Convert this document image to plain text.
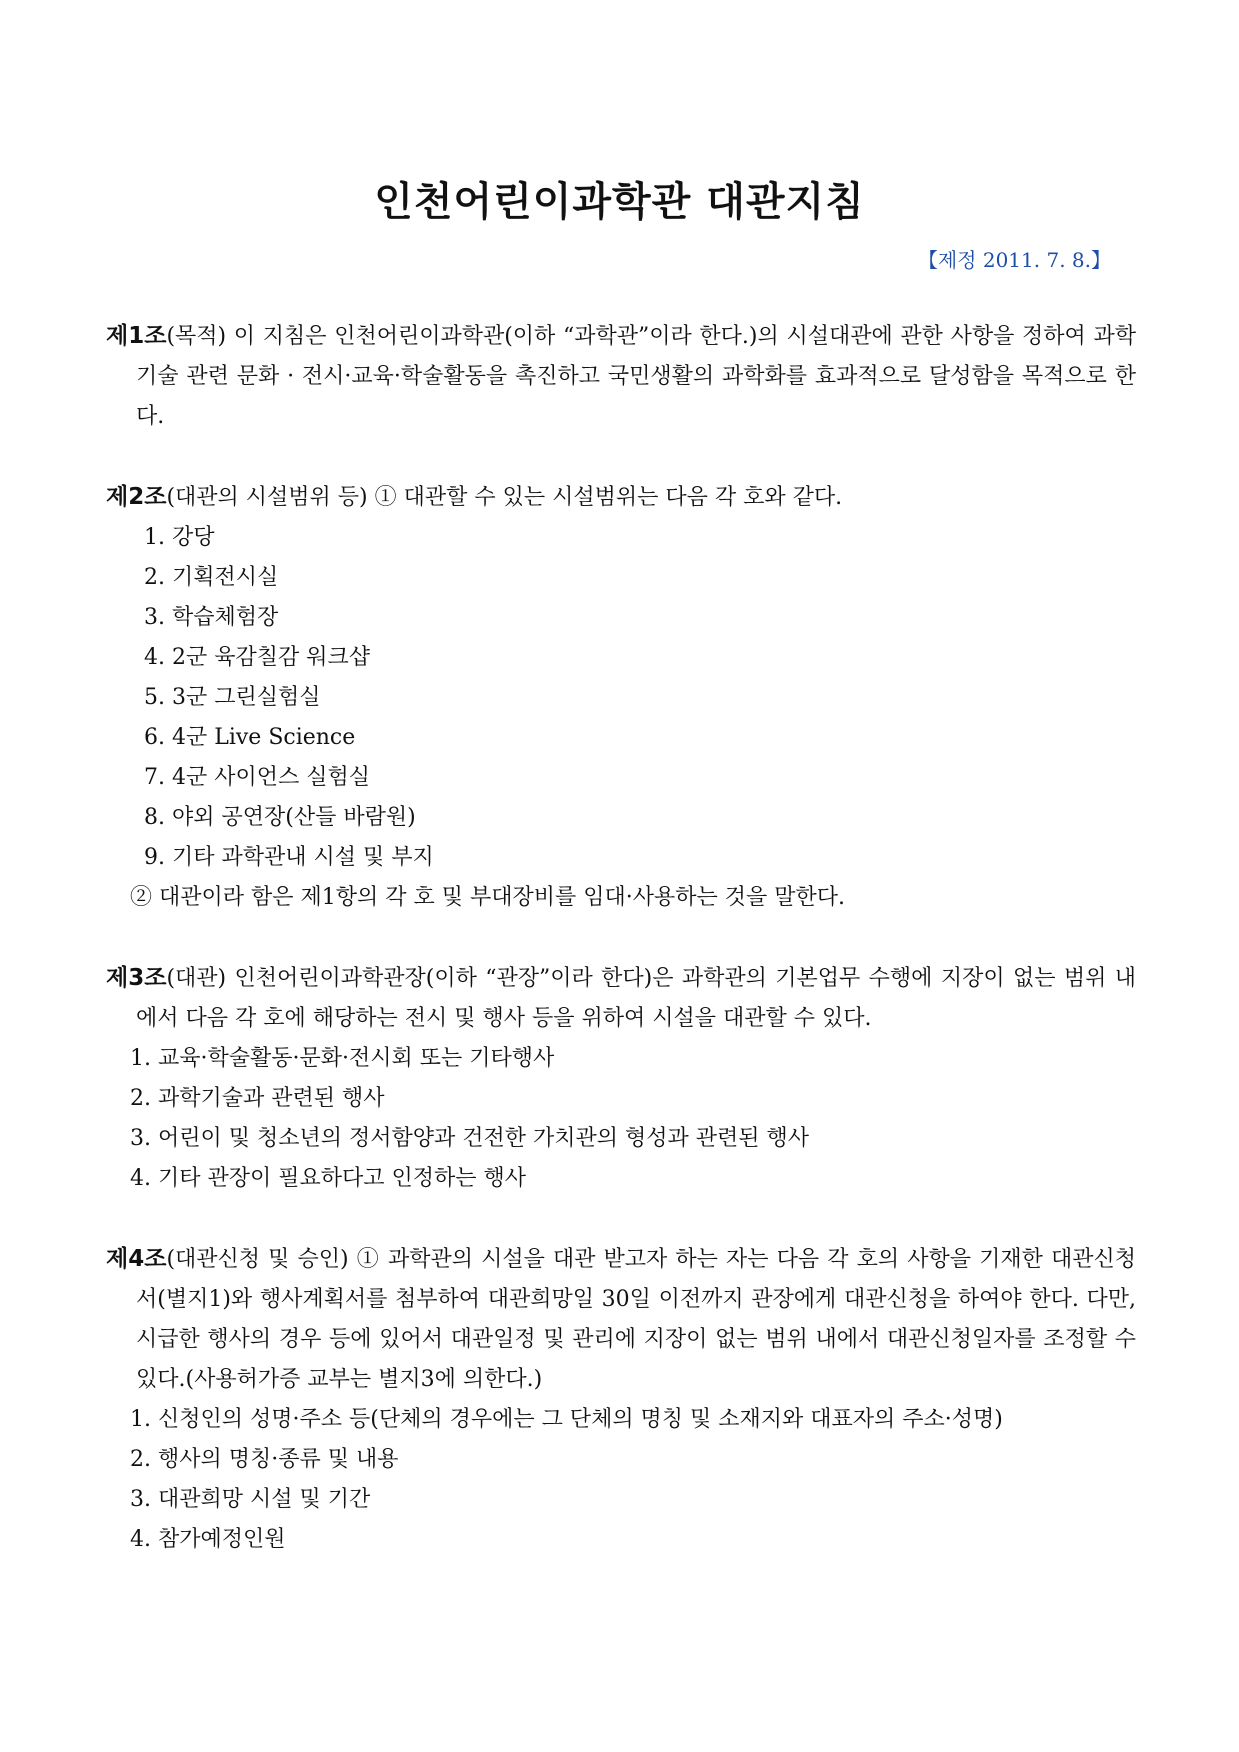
인천어린이과학관 대관지침
【제정 2011. 7. 8.】

제1조(목적) 이 지침은 인천어린이과학관(이하 “과학관”이라 한다.)의 시설대관에 관한 사항을 정하여 과학기술 관련 문화 · 전시·교육·학술활동을 촉진하고 국민생활의 과학화를 효과적으로 달성함을 목적으로 한다.

제2조(대관의 시설범위 등) ① 대관할 수 있는 시설범위는 다음 각 호와 같다.

1. 강당
2. 기획전시실
3. 학습체험장
4. 2군 육감칠감 워크샵
5. 3군 그린실험실
6. 4군 Live Science
7. 4군 사이언스 실험실
8. 야외 공연장(산들 바람원)
9. 기타 과학관내 시설 및 부지

② 대관이라 함은 제1항의 각 호 및 부대장비를 임대·사용하는 것을 말한다.

제3조(대관) 인천어린이과학관장(이하 “관장”이라 한다)은 과학관의 기본업무 수행에 지장이 없는 범위 내에서 다음 각 호에 해당하는 전시 및 행사 등을 위하여 시설을 대관할 수 있다.

1. 교육·학술활동·문화·전시회 또는 기타행사
2. 과학기술과 관련된 행사
3. 어린이 및 청소년의 정서함양과 건전한 가치관의 형성과 관련된 행사
4. 기타 관장이 필요하다고 인정하는 행사

제4조(대관신청 및 승인) ① 과학관의 시설을 대관 받고자 하는 자는 다음 각 호의 사항을 기재한 대관신청서(별지1)와 행사계획서를 첨부하여 대관희망일 30일 이전까지 관장에게 대관신청을 하여야 한다. 다만, 시급한 행사의 경우 등에 있어서 대관일정 및 관리에 지장이 없는 범위 내에서 대관신청일자를 조정할 수 있다.(사용허가증 교부는 별지3에 의한다.)

1. 신청인의 성명·주소 등(단체의 경우에는 그 단체의 명칭 및 소재지와 대표자의 주소·성명)
2. 행사의 명칭·종류 및 내용
3. 대관희망 시설 및 기간
4. 참가예정인원
